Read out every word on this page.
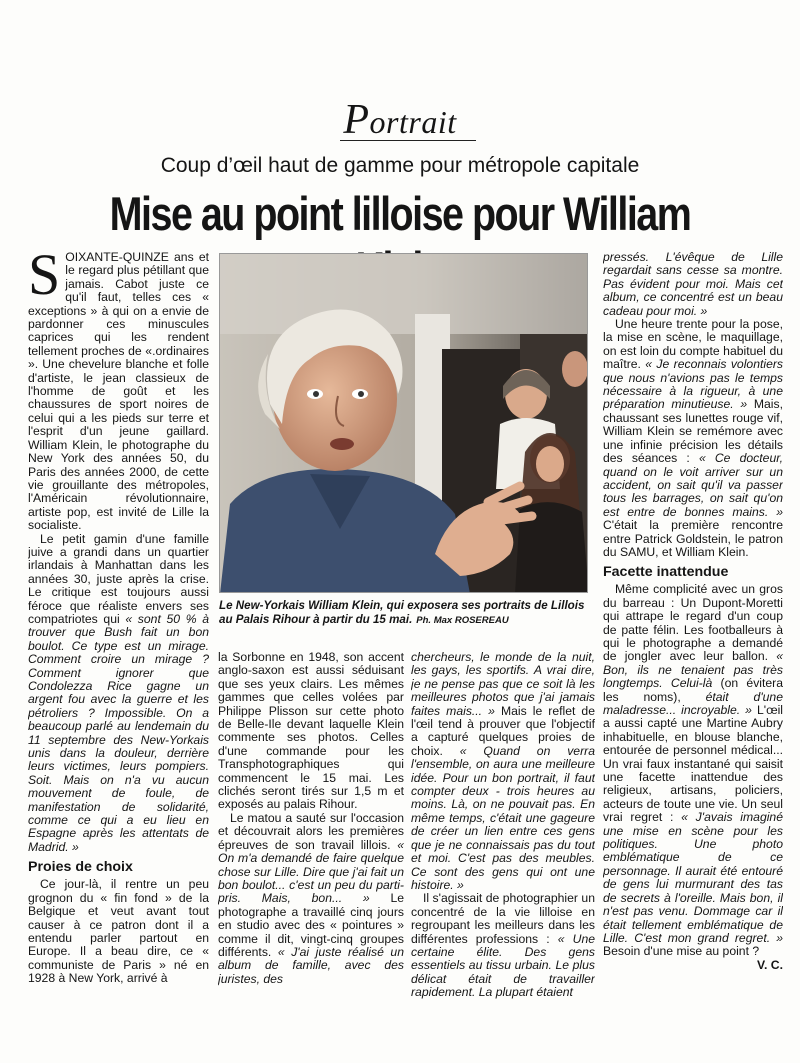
Portrait
Coup d’œil haut de gamme pour métropole capitale
Mise au point lilloise pour William

SOIXANTE-QUINZE ans et le regard plus pétillant que jamais. Cabot juste ce qu'il faut, telles ces « exceptions » à qui on a envie de pardonner ces minuscules caprices qui les rendent tellement proches de «.ordinaires ». Une chevelure blanche et folle d'artiste, le jean classieux de l'homme de goût et les chaussures de sport noires de celui qui a les pieds sur terre et l'esprit d'un jeune gaillard. William Klein, le photographe du New York des années 50, du Paris des années 2000, de cette vie grouillante des métropoles, l'Américain révolutionnaire, artiste pop, est invité de Lille la socialiste.

Le petit gamin d'une famille juive a grandi dans un quartier irlandais à Manhattan dans les années 30, juste après la crise. Le critique est toujours aussi féroce que réaliste envers ses compatriotes qui « sont 50 % à trouver que Bush fait un bon boulot. Ce type est un mirage. Comment croire un mirage ? Comment ignorer que Condolezza Rice gagne un argent fou avec la guerre et les pétroliers ? Impossible. On a beaucoup parlé au lendemain du 11 septembre des New-Yorkais unis dans la douleur, derrière leurs victimes, leurs pompiers. Soit. Mais on n'a vu aucun mouvement de foule, de manifestation de solidarité, comme ce qui a eu lieu en Espagne après les attentats de Madrid. »

Proies de choix

Ce jour-là, il rentre un peu grognon du « fin fond » de la Belgique et veut avant tout causer à ce patron dont il a entendu parler partout en Europe. Il a beau dire, ce « communiste de Paris » né en 1928 à New York, arrivé à

Le New-Yorkais William Klein, qui exposera ses portraits de Lillois au Palais Rihour à partir du 15 mai. Ph. Max ROSEREAU

la Sorbonne en 1948, son accent anglo-saxon est aussi séduisant que ses yeux clairs. Les mêmes gammes que celles volées par Philippe Plisson sur cette photo de Belle-Ile devant laquelle Klein commente ses photos. Celles d'une commande pour les Transphotographiques qui commencent le 15 mai. Les clichés seront tirés sur 1,5 m et exposés au palais Rihour.

Le matou a sauté sur l'occasion et découvrait alors les premières épreuves de son travail lillois. « On m'a demandé de faire quelque chose sur Lille. Dire que j'ai fait un bon boulot... c'est un peu du parti-pris. Mais, bon... » Le photographe a travaillé cinq jours en studio avec des « pointures » comme il dit, vingt-cinq groupes différents. « J'ai juste réalisé un album de famille, avec des juristes, des

chercheurs, le monde de la nuit, les gays, les sportifs. A vrai dire, je ne pense pas que ce soit là les meilleures photos que j'ai jamais faites mais... » Mais le reflet de l'œil tend à prouver que l'objectif a capturé quelques proies de choix. « Quand on verra l'ensemble, on aura une meilleure idée. Pour un bon portrait, il faut compter deux - trois heures au moins. Là, on ne pouvait pas. En même temps, c'était une gageure de créer un lien entre ces gens que je ne connaissais pas du tout et moi. C'est pas des meubles. Ce sont des gens qui ont une histoire. »

Il s'agissait de photographier un concentré de la vie lilloise en regroupant les meilleurs dans les différentes professions : « Une certaine élite. Des gens essentiels au tissu urbain. Le plus délicat était de travailler rapidement. La plupart étaient

pressés. L'évêque de Lille regardait sans cesse sa montre. Pas évident pour moi. Mais cet album, ce concentré est un beau cadeau pour moi. »

Une heure trente pour la pose, la mise en scène, le maquillage, on est loin du compte habituel du maître. « Je reconnais volontiers que nous n'avions pas le temps nécessaire à la rigueur, à une préparation minutieuse. » Mais, chaussant ses lunettes rouge vif, William Klein se remémore avec une infinie précision les détails des séances : « Ce docteur, quand on le voit arriver sur un accident, on sait qu'il va passer tous les barrages, on sait qu'on est entre de bonnes mains. » C'était la première rencontre entre Patrick Goldstein, le patron du SAMU, et William Klein.

Facette inattendue

Même complicité avec un gros du barreau : Un Dupont-Moretti qui attrape le regard d'un coup de patte félin. Les footballeurs à qui le photographe a demandé de jongler avec leur ballon. « Bon, ils ne tenaient pas très longtemps. Celui-là (on évitera les noms), était d'une maladresse... incroyable. » L'œil a aussi capté une Martine Aubry inhabituelle, en blouse blanche, entourée de personnel médical... Un vrai faux instantané qui saisit une facette inattendue des religieux, artisans, policiers, acteurs de toute une vie. Un seul vrai regret : « J'avais imaginé une mise en scène pour les politiques. Une photo emblématique de ce personnage. Il aurait été entouré de gens lui murmurant des tas de secrets à l'oreille. Mais bon, il n'est pas venu. Dommage car il était tellement emblématique de Lille. C'est mon grand regret. » Besoin d'une mise au point ?

V. C.
